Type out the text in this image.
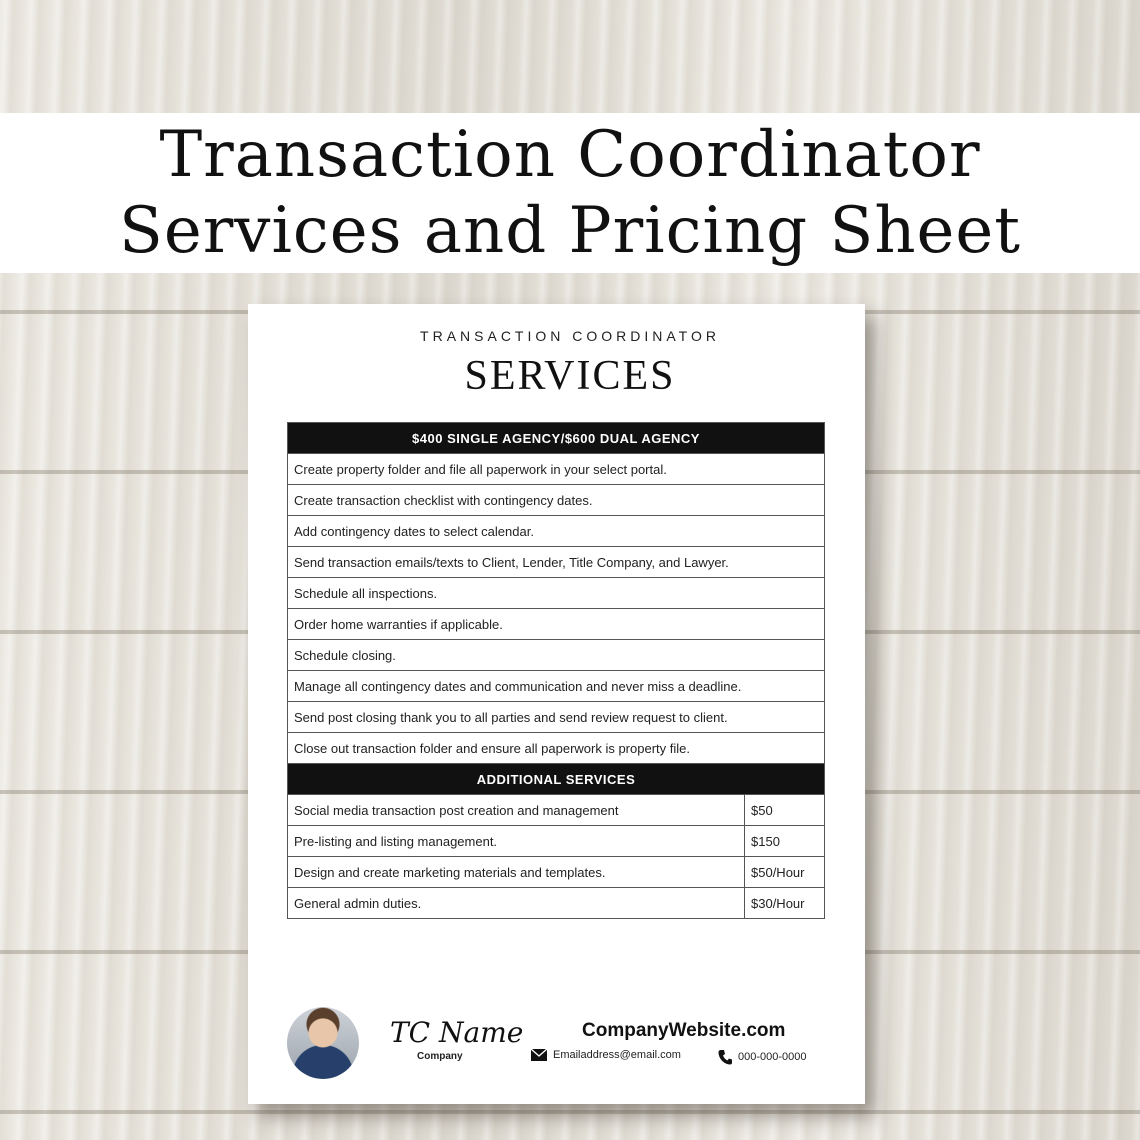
Transaction Coordinator
Services and Pricing Sheet
TRANSACTION COORDINATOR
SERVICES
$400 SINGLE AGENCY/$600 DUAL AGENCY	
Create property folder and file all paperwork in your select portal.	
Create transaction checklist with contingency dates.	
Add contingency dates to select calendar.	
Send transaction emails/texts to Client, Lender, Title Company, and Lawyer.	
Schedule all inspections.	
Order home warranties if applicable.	
Schedule closing.	
Manage all contingency dates and communication and never miss a deadline.	
Send post closing thank you to all parties and send review request to client.	
Close out transaction folder and ensure all paperwork is property file.	
ADDITIONAL SERVICES	
Social media transaction post creation and management	$50
Pre-listing and listing management.	$150
Design and create marketing materials and templates.	$50/Hour
General admin duties.	$30/Hour
TC Name
Company
CompanyWebsite.com
Emailaddress@email.com	000-000-0000
